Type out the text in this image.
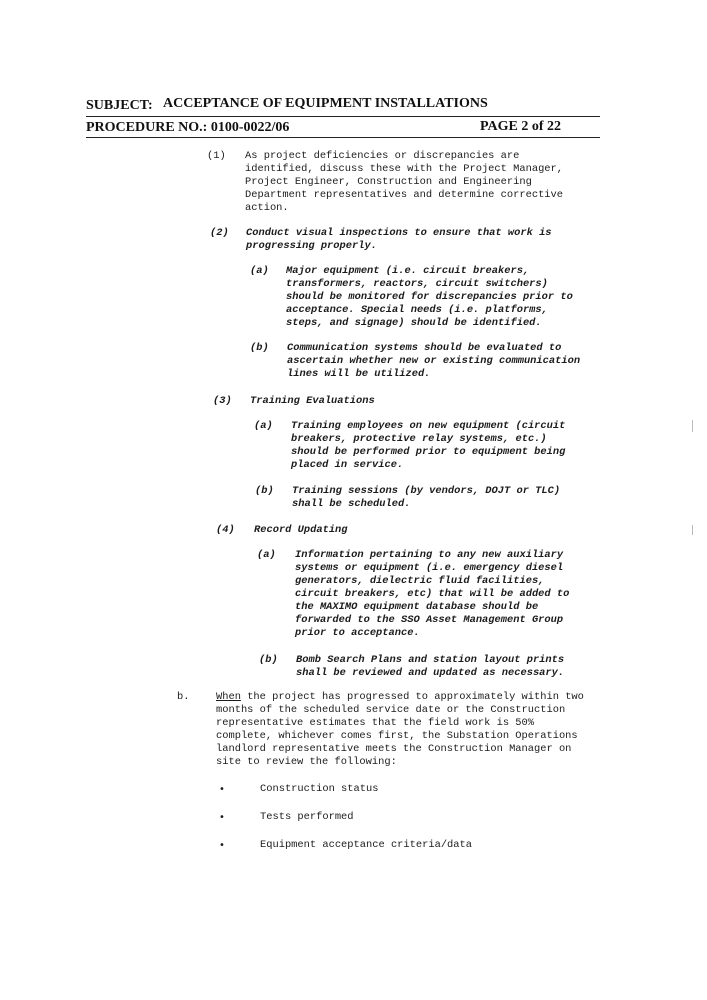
SUBJECT: ACCEPTANCE OF EQUIPMENT INSTALLATIONS
PROCEDURE NO.: 0100-0022/06	PAGE 2 of 22
(1) As project deficiencies or discrepancies are
identified, discuss these with the Project Manager,
Project Engineer, Construction and Engineering
Department representatives and determine corrective
action.
(2) Conduct visual inspections to ensure that work is
progressing properly.
(a) Major equipment (i.e. circuit breakers,
transformers, reactors, circuit switchers)
should be monitored for discrepancies prior to
acceptance. Special needs (i.e. platforms,
steps, and signage) should be identified.
(b) Communication systems should be evaluated to
ascertain whether new or existing communication
lines will be utilized.
(3) Training Evaluations
(a) Training employees on new equipment (circuit
breakers, protective relay systems, etc.)
should be performed prior to equipment being
placed in service.
(b) Training sessions (by vendors, DOJT or TLC)
shall be scheduled.
(4) Record Updating
(a) Information pertaining to any new auxiliary
systems or equipment (i.e. emergency diesel
generators, dielectric fluid facilities,
circuit breakers, etc) that will be added to
the MAXIMO equipment database should be
forwarded to the SSO Asset Management Group
prior to acceptance.
(b) Bomb Search Plans and station layout prints
shall be reviewed and updated as necessary.
b.	When the project has progressed to approximately within two
months of the scheduled service date or the Construction
representative estimates that the field work is 50%
complete, whichever comes first, the Substation Operations
landlord representative meets the Construction Manager on
site to review the following:
•	Construction status
•	Tests performed
•	Equipment acceptance criteria/data
